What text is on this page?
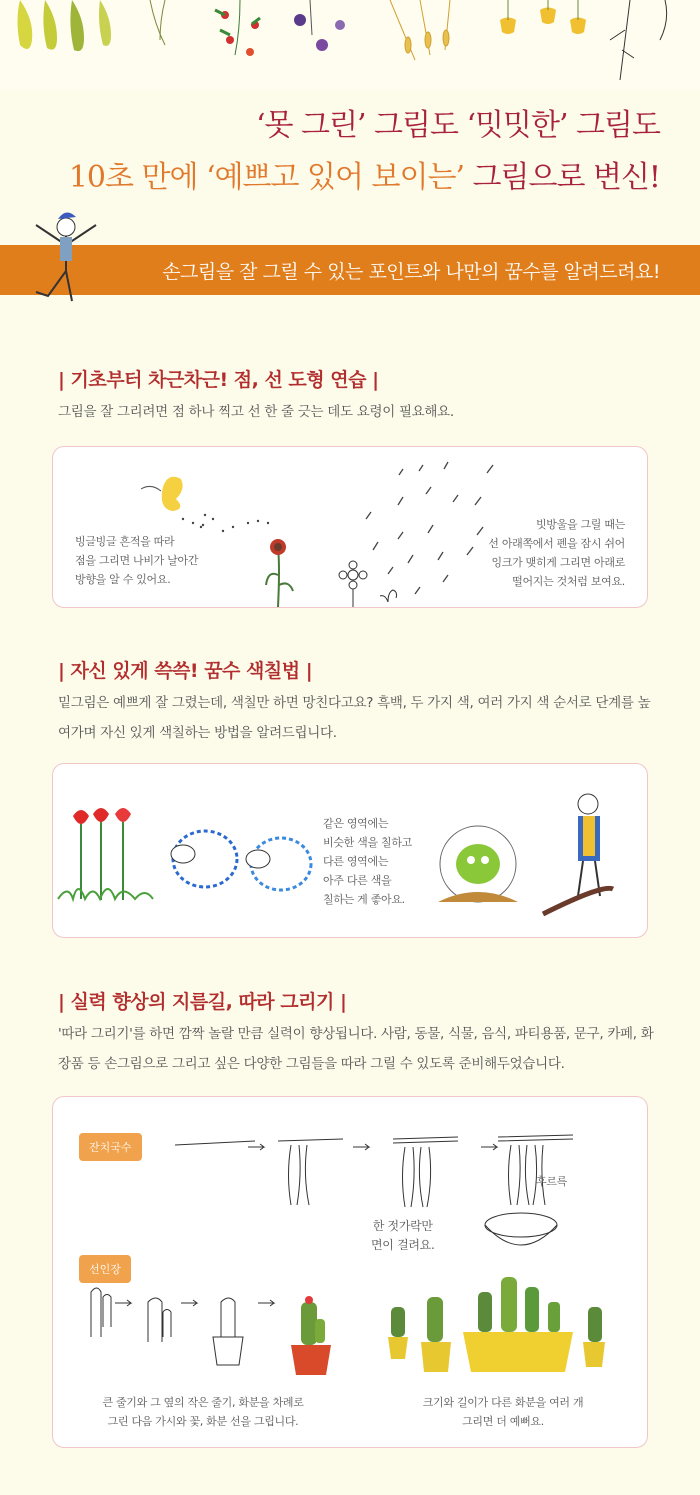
‘못 그린’ 그림도 ‘밋밋한’ 그림도
10초 만에 ‘예쁘고 있어 보이는’ 그림으로 변신!
손그림을 잘 그릴 수 있는 포인트와 나만의 꿈수를 알려드려요!
| 기초부터 차근차근! 점, 선 도형 연습 |
그림을 잘 그리려면 점 하나 찍고 선 한 줄 긋는 데도 요령이 필요해요.
빙글빙글 흔적을 따라
점을 그리면 나비가 날아간
방향을 알 수 있어요.
빗방울을 그릴 때는
선 아래쪽에서 펜을 잠시 쉬어
잉크가 맺히게 그리면 아래로
떨어지는 것처럼 보여요.
| 자신 있게 쓱쓱! 꿈수 색칠법 |
밑그림은 예쁘게 잘 그렸는데, 색칠만 하면 망친다고요? 흑백, 두 가지 색, 여러 가지 색 순서로 단계를 높여가며 자신 있게 색칠하는 방법을 알려드립니다.
같은 영역에는
비슷한 색을 칠하고
다른 영역에는
아주 다른 색을
칠하는 게 좋아요.
| 실력 향상의 지름길, 따라 그리기 |
'따라 그리기'를 하면 깜짝 놀랄 만큼 실력이 향상됩니다. 사람, 동물, 식물, 음식, 파티용품, 문구, 카페, 화장품 등 손그림으로 그리고 싶은 다양한 그림들을 따라 그릴 수 있도록 준비해두었습니다.
잔치국수
선인장
후르륵
한 젓가락만
면이 걸려요.
큰 줄기와 그 옆의 작은 줄기, 화분을 차례로
그린 다음 가시와 꽃, 화분 선을 그립니다.
크기와 길이가 다른 화분을 여러 개
그리면 더 예뻐요.
